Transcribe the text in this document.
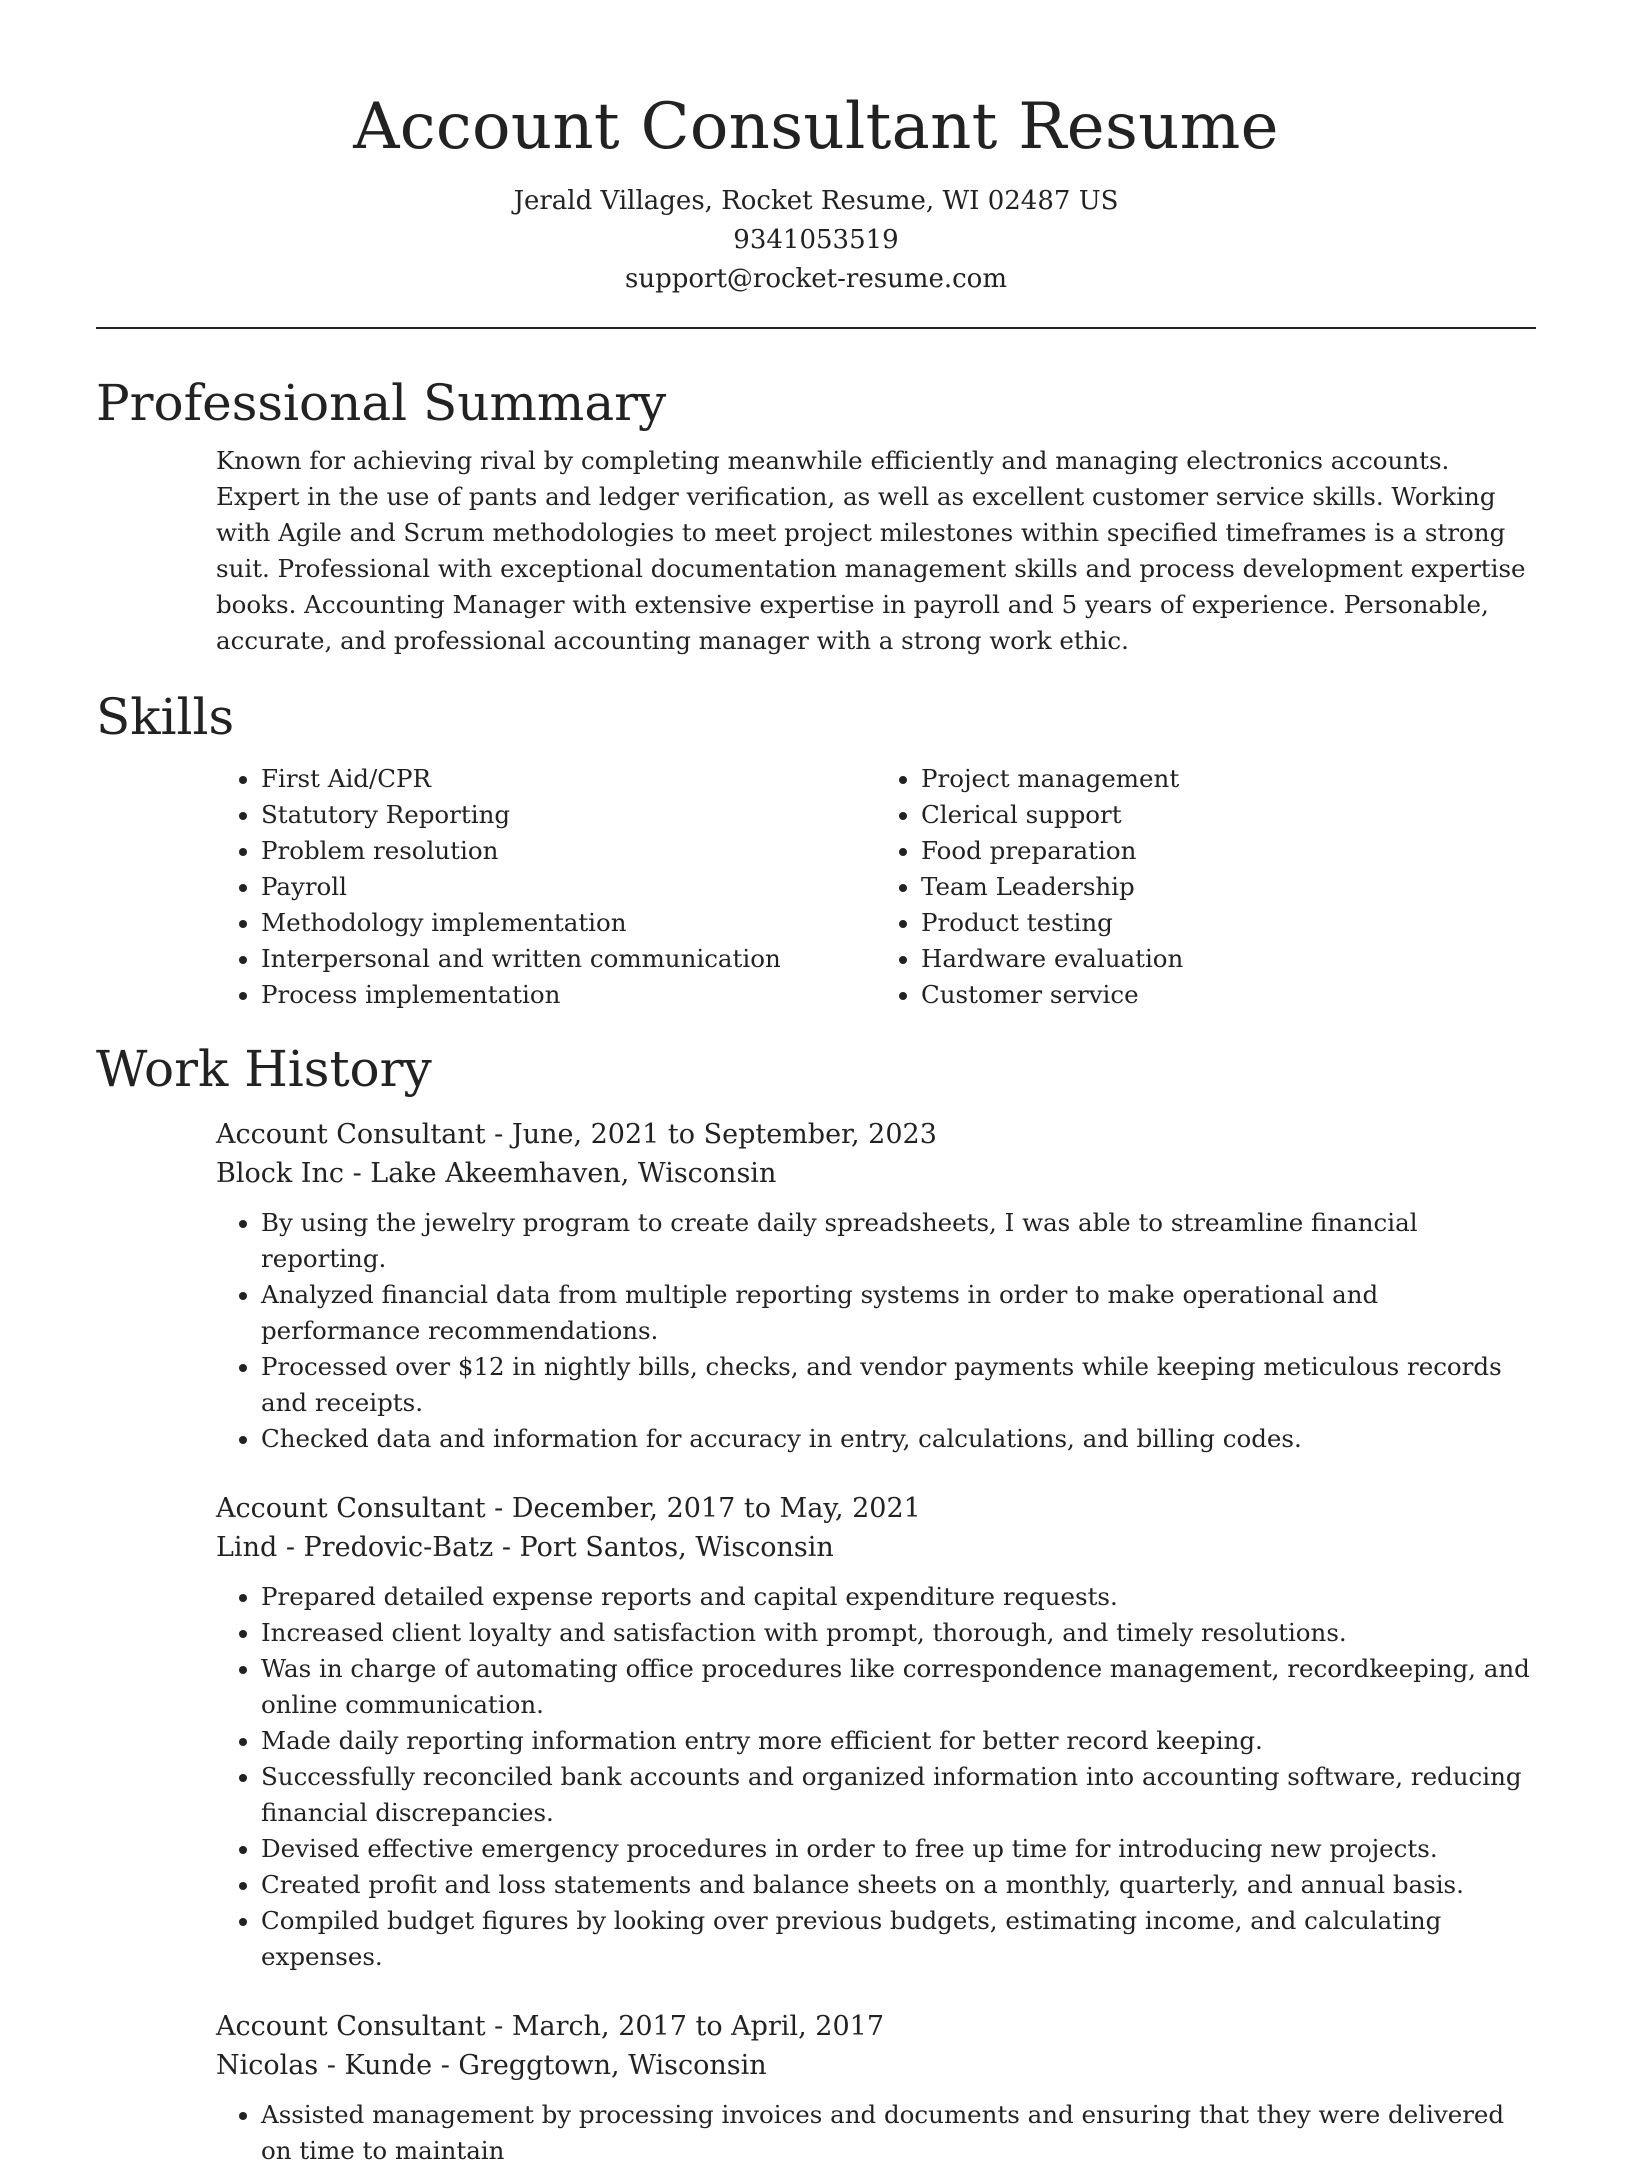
Account Consultant Resume
Jerald Villages, Rocket Resume, WI 02487 US
9341053519
support@rocket-resume.com
Professional Summary

Known for achieving rival by completing meanwhile efficiently and managing electronics accounts. Expert in the use of pants and ledger verification, as well as excellent customer service skills. Working with Agile and Scrum methodologies to meet project milestones within specified timeframes is a strong suit. Professional with exceptional documentation management skills and process development expertise books. Accounting Manager with extensive expertise in payroll and 5 years of experience. Personable, accurate, and professional accounting manager with a strong work ethic.

Skills
• First Aid/CPR
• Statutory Reporting
• Problem resolution
• Payroll
• Methodology implementation
• Interpersonal and written communication
• Process implementation
• Project management
• Clerical support
• Food preparation
• Team Leadership
• Product testing
• Hardware evaluation
• Customer service
Work History
Account Consultant - June, 2021 to September, 2023
Block Inc - Lake Akeemhaven, Wisconsin
• By using the jewelry program to create daily spreadsheets, I was able to streamline financial reporting.
• Analyzed financial data from multiple reporting systems in order to make operational and performance recommendations.
• Processed over $12 in nightly bills, checks, and vendor payments while keeping meticulous records and receipts.
• Checked data and information for accuracy in entry, calculations, and billing codes.
Account Consultant - December, 2017 to May, 2021
Lind - Predovic-Batz - Port Santos, Wisconsin
• Prepared detailed expense reports and capital expenditure requests.
• Increased client loyalty and satisfaction with prompt, thorough, and timely resolutions.
• Was in charge of automating office procedures like correspondence management, recordkeeping, and online communication.
• Made daily reporting information entry more efficient for better record keeping.
• Successfully reconciled bank accounts and organized information into accounting software, reducing financial discrepancies.
• Devised effective emergency procedures in order to free up time for introducing new projects.
• Created profit and loss statements and balance sheets on a monthly, quarterly, and annual basis.
• Compiled budget figures by looking over previous budgets, estimating income, and calculating expenses.
Account Consultant - March, 2017 to April, 2017
Nicolas - Kunde - Greggtown, Wisconsin
• Assisted management by processing invoices and documents and ensuring that they were delivered on time to maintain
